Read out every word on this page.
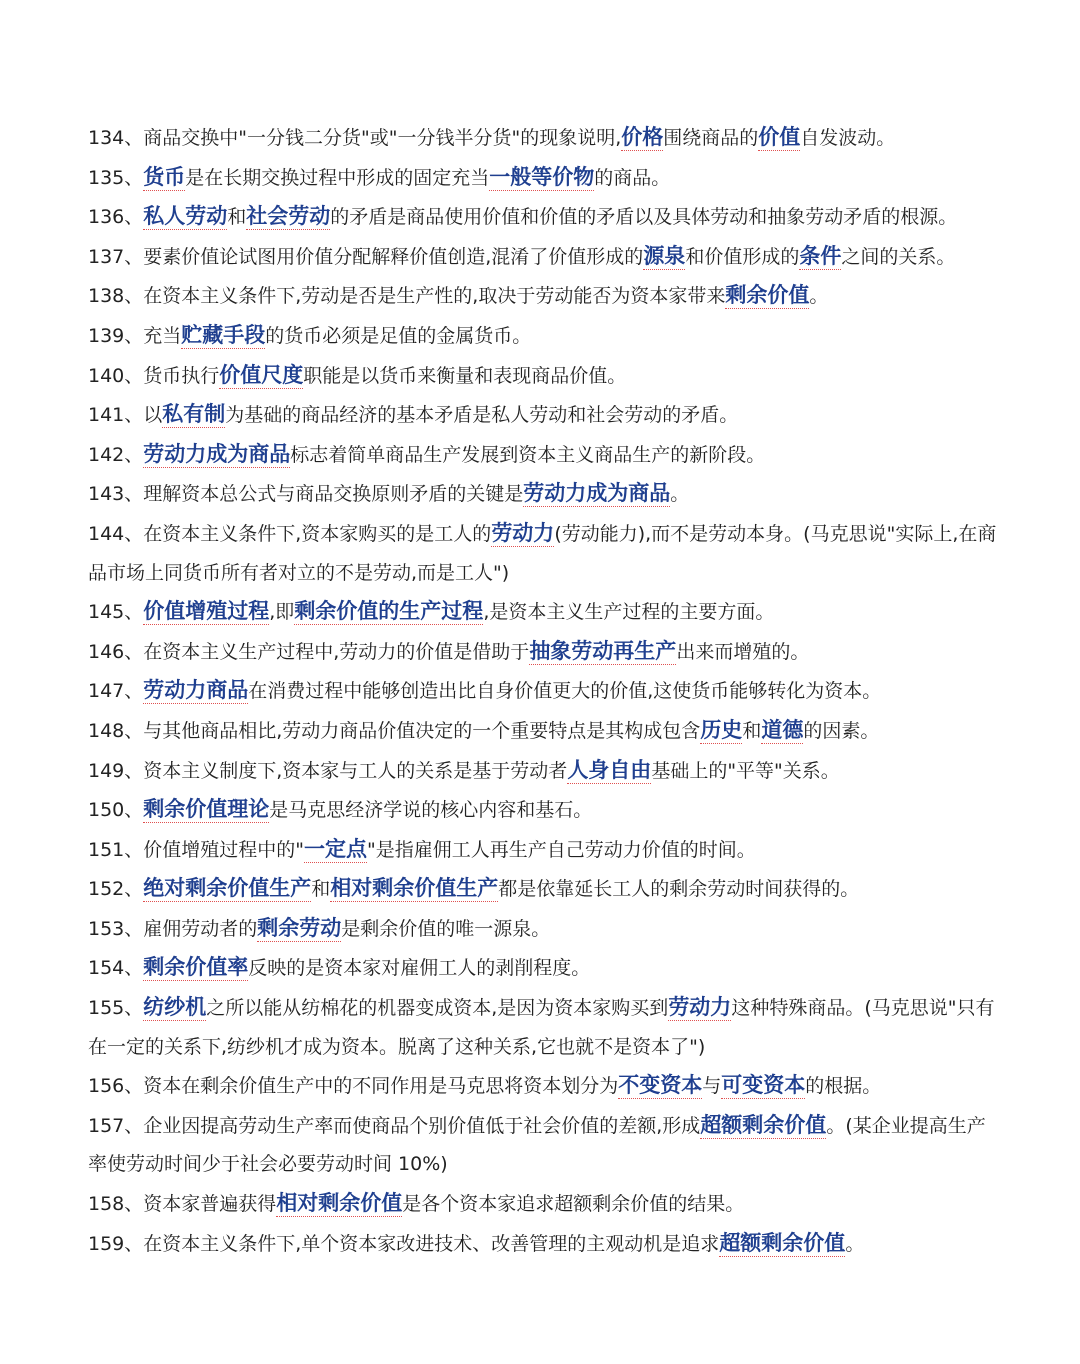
134、商品交换中"一分钱二分货"或"一分钱半分货"的现象说明,价格围绕商品的价值自发波动。
135、货币是在长期交换过程中形成的固定充当一般等价物的商品。
136、私人劳动和社会劳动的矛盾是商品使用价值和价值的矛盾以及具体劳动和抽象劳动矛盾的根源。
137、要素价值论试图用价值分配解释价值创造,混淆了价值形成的源泉和价值形成的条件之间的关系。
138、在资本主义条件下,劳动是否是生产性的,取决于劳动能否为资本家带来剩余价值。
139、充当贮藏手段的货币必须是足值的金属货币。
140、货币执行价值尺度职能是以货币来衡量和表现商品价值。
141、以私有制为基础的商品经济的基本矛盾是私人劳动和社会劳动的矛盾。
142、劳动力成为商品标志着简单商品生产发展到资本主义商品生产的新阶段。
143、理解资本总公式与商品交换原则矛盾的关键是劳动力成为商品。
144、在资本主义条件下,资本家购买的是工人的劳动力(劳动能力),而不是劳动本身。(马克思说"实际上,在商品市场上同货币所有者对立的不是劳动,而是工人")
145、价值增殖过程,即剩余价值的生产过程,是资本主义生产过程的主要方面。
146、在资本主义生产过程中,劳动力的价值是借助于抽象劳动再生产出来而增殖的。
147、劳动力商品在消费过程中能够创造出比自身价值更大的价值,这使货币能够转化为资本。
148、与其他商品相比,劳动力商品价值决定的一个重要特点是其构成包含历史和道德的因素。
149、资本主义制度下,资本家与工人的关系是基于劳动者人身自由基础上的"平等"关系。
150、剩余价值理论是马克思经济学说的核心内容和基石。
151、价值增殖过程中的"一定点"是指雇佣工人再生产自己劳动力价值的时间。
152、绝对剩余价值生产和相对剩余价值生产都是依靠延长工人的剩余劳动时间获得的。
153、雇佣劳动者的剩余劳动是剩余价值的唯一源泉。
154、剩余价值率反映的是资本家对雇佣工人的剥削程度。
155、纺纱机之所以能从纺棉花的机器变成资本,是因为资本家购买到劳动力这种特殊商品。(马克思说"只有在一定的关系下,纺纱机才成为资本。脱离了这种关系,它也就不是资本了")
156、资本在剩余价值生产中的不同作用是马克思将资本划分为不变资本与可变资本的根据。
157、企业因提高劳动生产率而使商品个别价值低于社会价值的差额,形成超额剩余价值。(某企业提高生产率使劳动时间少于社会必要劳动时间 10%)
158、资本家普遍获得相对剩余价值是各个资本家追求超额剩余价值的结果。
159、在资本主义条件下,单个资本家改进技术、改善管理的主观动机是追求超额剩余价值。
